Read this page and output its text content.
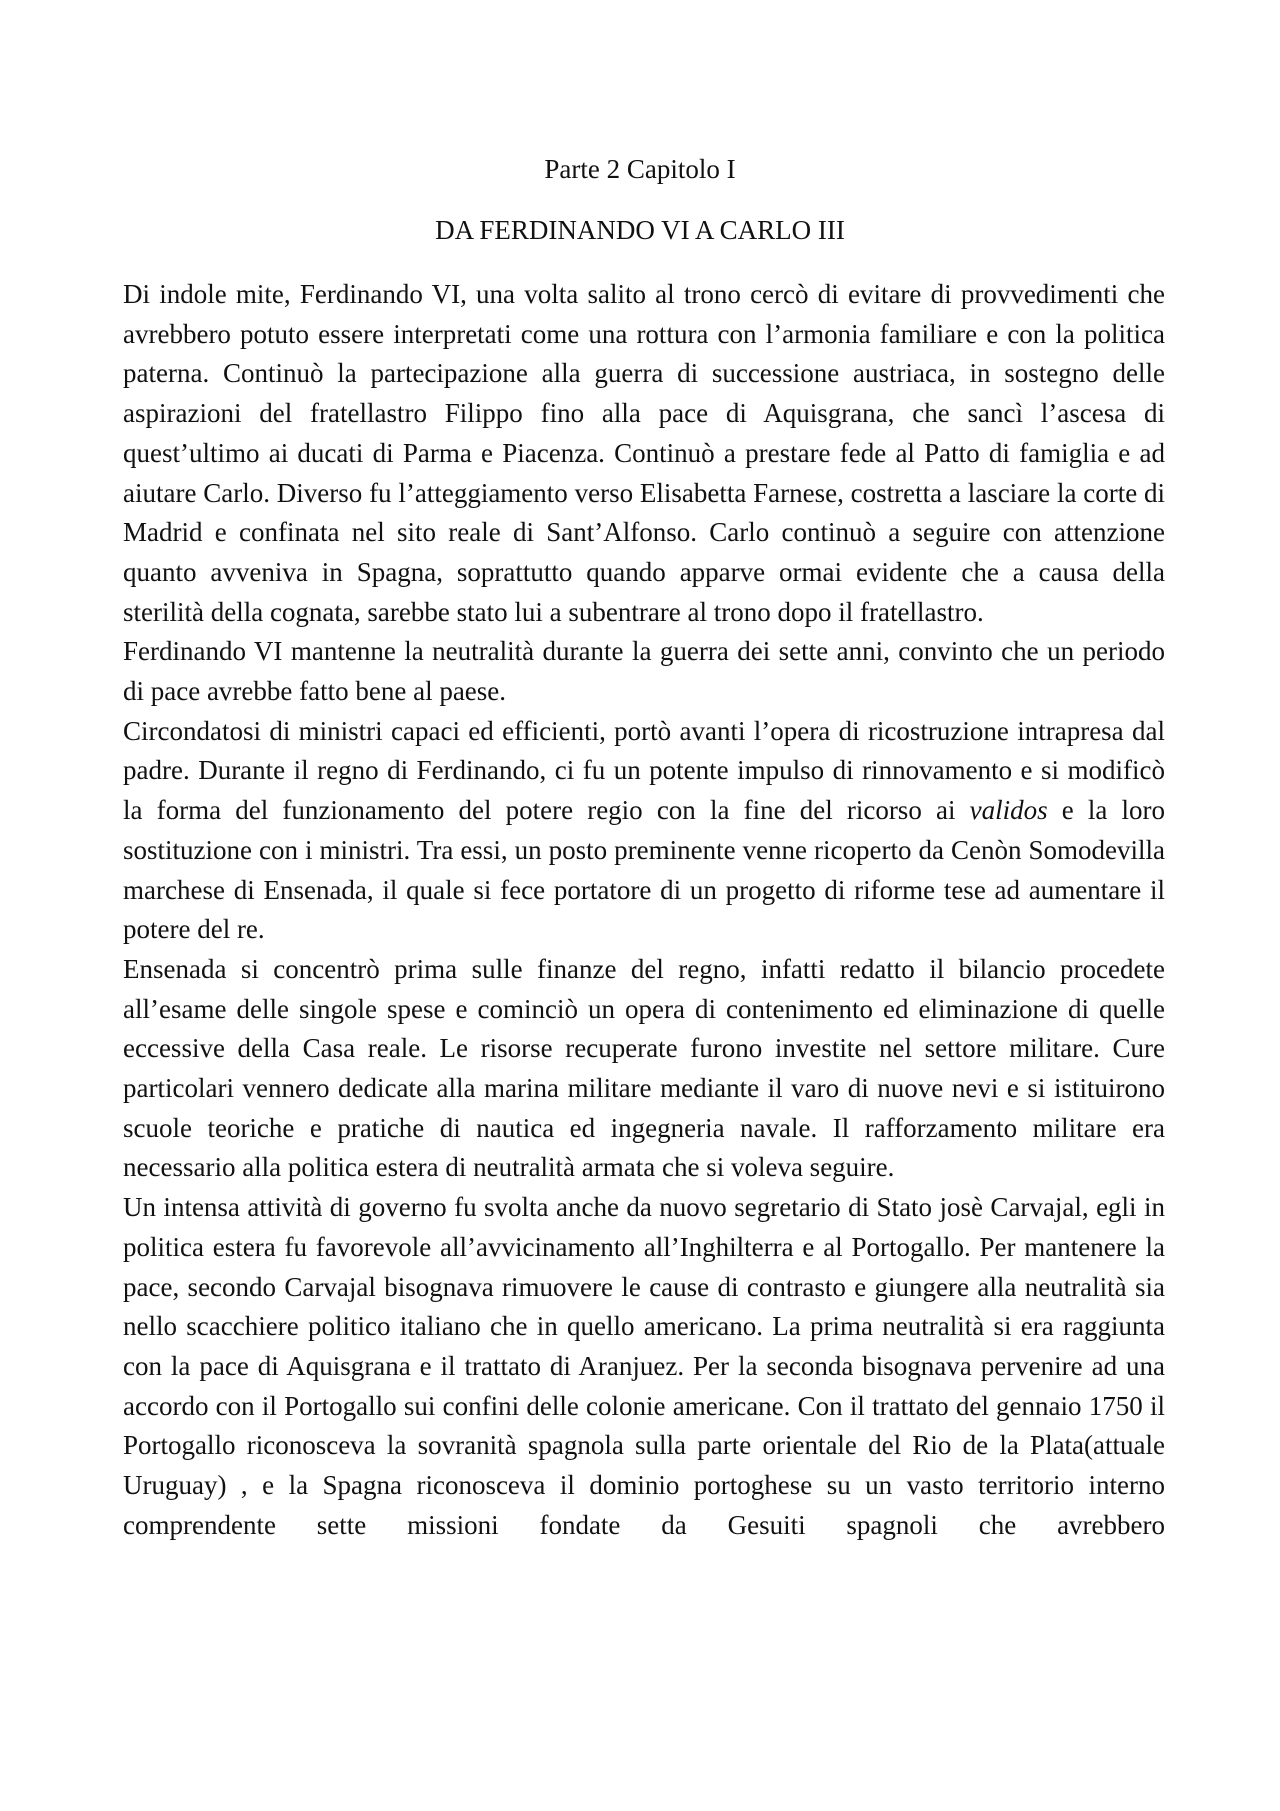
Parte 2 Capitolo I
DA FERDINANDO VI A CARLO III

Di indole mite, Ferdinando VI, una volta salito al trono cercò di evitare di provvedimenti che avrebbero potuto essere interpretati come una rottura con l’armonia familiare e con la politica paterna. Continuò la partecipazione alla guerra di successione austriaca, in sostegno delle aspirazioni del fratellastro Filippo fino alla pace di Aquisgrana, che sancì l’ascesa di quest’ultimo ai ducati di Parma e Piacenza. Continuò a prestare fede al Patto di famiglia e ad aiutare Carlo. Diverso fu l’atteggiamento verso Elisabetta Farnese, costretta a lasciare la corte di Madrid e confinata nel sito reale di Sant’Alfonso. Carlo continuò a seguire con attenzione quanto avveniva in Spagna, soprattutto quando apparve ormai evidente che a causa della sterilità della cognata, sarebbe stato lui a subentrare al trono dopo il fratellastro.

Ferdinando VI mantenne la neutralità durante la guerra dei sette anni, convinto che un periodo di pace avrebbe fatto bene al paese.

Circondatosi di ministri capaci ed efficienti, portò avanti l’opera di ricostruzione intrapresa dal padre. Durante il regno di Ferdinando, ci fu un potente impulso di rinnovamento e si modificò la forma del funzionamento del potere regio con la fine del ricorso ai validos e la loro sostituzione con i ministri. Tra essi, un posto preminente venne ricoperto da Cenòn Somodevilla marchese di Ensenada, il quale si fece portatore di un progetto di riforme tese ad aumentare il potere del re.

Ensenada si concentrò prima sulle finanze del regno, infatti redatto il bilancio procedete all’esame delle singole spese e cominciò un opera di contenimento ed eliminazione di quelle eccessive della Casa reale. Le risorse recuperate furono investite nel settore militare. Cure particolari vennero dedicate alla marina militare mediante il varo di nuove nevi e si istituirono scuole teoriche e pratiche di nautica ed ingegneria navale. Il rafforzamento militare era necessario alla politica estera di neutralità armata che si voleva seguire.

Un intensa attività di governo fu svolta anche da nuovo segretario di Stato josè Carvajal, egli in politica estera fu favorevole all’avvicinamento all’Inghilterra e al Portogallo. Per mantenere la pace, secondo Carvajal bisognava rimuovere le cause di contrasto e giungere alla neutralità sia nello scacchiere politico italiano che in quello americano. La prima neutralità si era raggiunta con la pace di Aquisgrana e il trattato di Aranjuez. Per la seconda bisognava pervenire ad una accordo con il Portogallo sui confini delle colonie americane. Con il trattato del gennaio 1750 il Portogallo riconosceva la sovranità spagnola sulla parte orientale del Rio de la Plata(attuale Uruguay) , e la Spagna riconosceva il dominio portoghese su un vasto territorio interno comprendente sette missioni fondate da Gesuiti spagnoli che avrebbero
